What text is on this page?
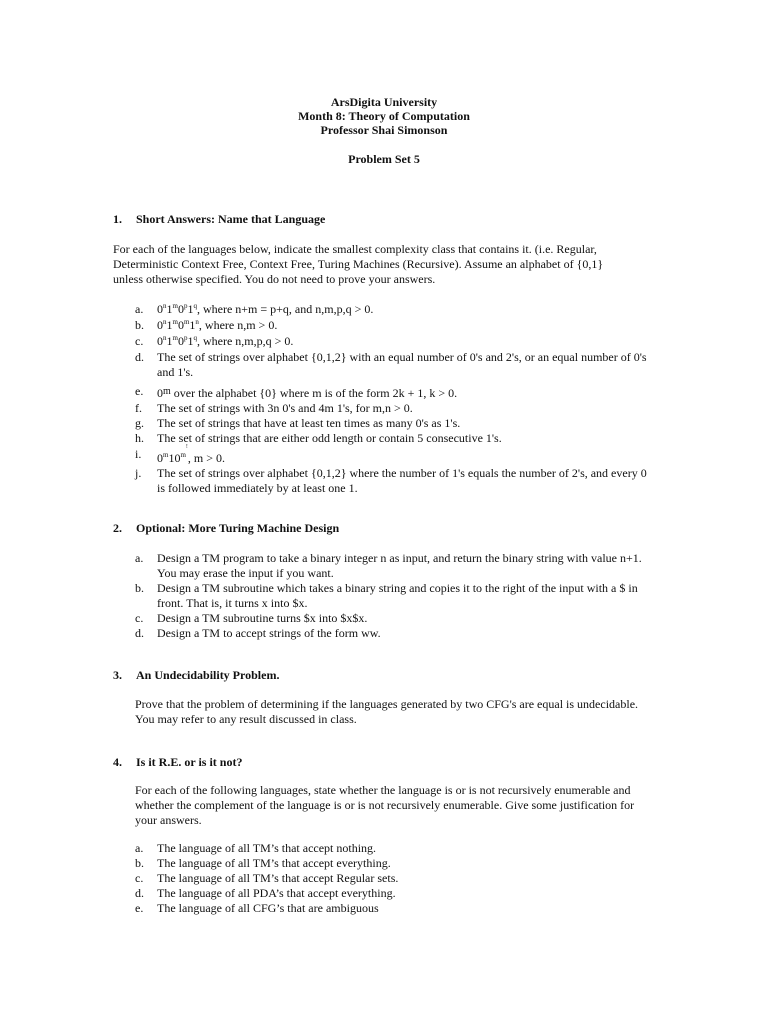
ArsDigita University
Month 8: Theory of Computation
Professor Shai Simonson
Problem Set 5
1.	Short Answers: Name that Language
For each of the languages below, indicate the smallest complexity class that contains it. (i.e. Regular, Deterministic Context Free, Context Free, Turing Machines (Recursive). Assume an alphabet of {0,1} unless otherwise specified. You do not need to prove your answers.
a. 0$^n$1$^m$0$^p$1$^q$, where n+m = p+q, and n,m,p,q > 0.
b. 0$^n$1$^m$0$^m$1$^n$, where n,m > 0.
c. 0$^n$1$^m$0$^p$1$^q$, where n,m,p,q > 0.
d. The set of strings over alphabet {0,1,2} with an equal number of 0's and 2's, or an equal number of 0's and 1's.
e. 0$^m$ over the alphabet {0} where m is of the form 2k + 1, k > 0.
f. The set of strings with 3n 0's and 4m 1's, for m,n > 0.
g. The set of strings that have at least ten times as many 0's as 1's.
h. The set of strings that are either odd length or contain 5 consecutive 1's.
i. $0^m10^{m!}$, m > 0.
j. The set of strings over alphabet {0,1,2} where the number of 1's equals the number of 2's, and every 0 is followed immediately by at least one 1.
2.	Optional: More Turing Machine Design
a. Design a TM program to take a binary integer n as input, and return the binary string with value n+1. You may erase the input if you want.
b. Design a TM subroutine which takes a binary string and copies it to the right of the input with a $ in front. That is, it turns x into $x.
c. Design a TM subroutine turns $x into $x$x.
d. Design a TM to accept strings of the form ww.
3.	An Undecidability Problem.
Prove that the problem of determining if the languages generated by two CFG's are equal is undecidable. You may refer to any result discussed in class.
4.	Is it R.E. or is it not?
For each of the following languages, state whether the language is or is not recursively enumerable and whether the complement of the language is or is not recursively enumerable. Give some justification for your answers.
a. The language of all TM’s that accept nothing.
b. The language of all TM’s that accept everything.
c. The language of all TM’s that accept Regular sets.
d. The language of all PDA’s that accept everything.
e. The language of all CFG’s that are ambiguous
